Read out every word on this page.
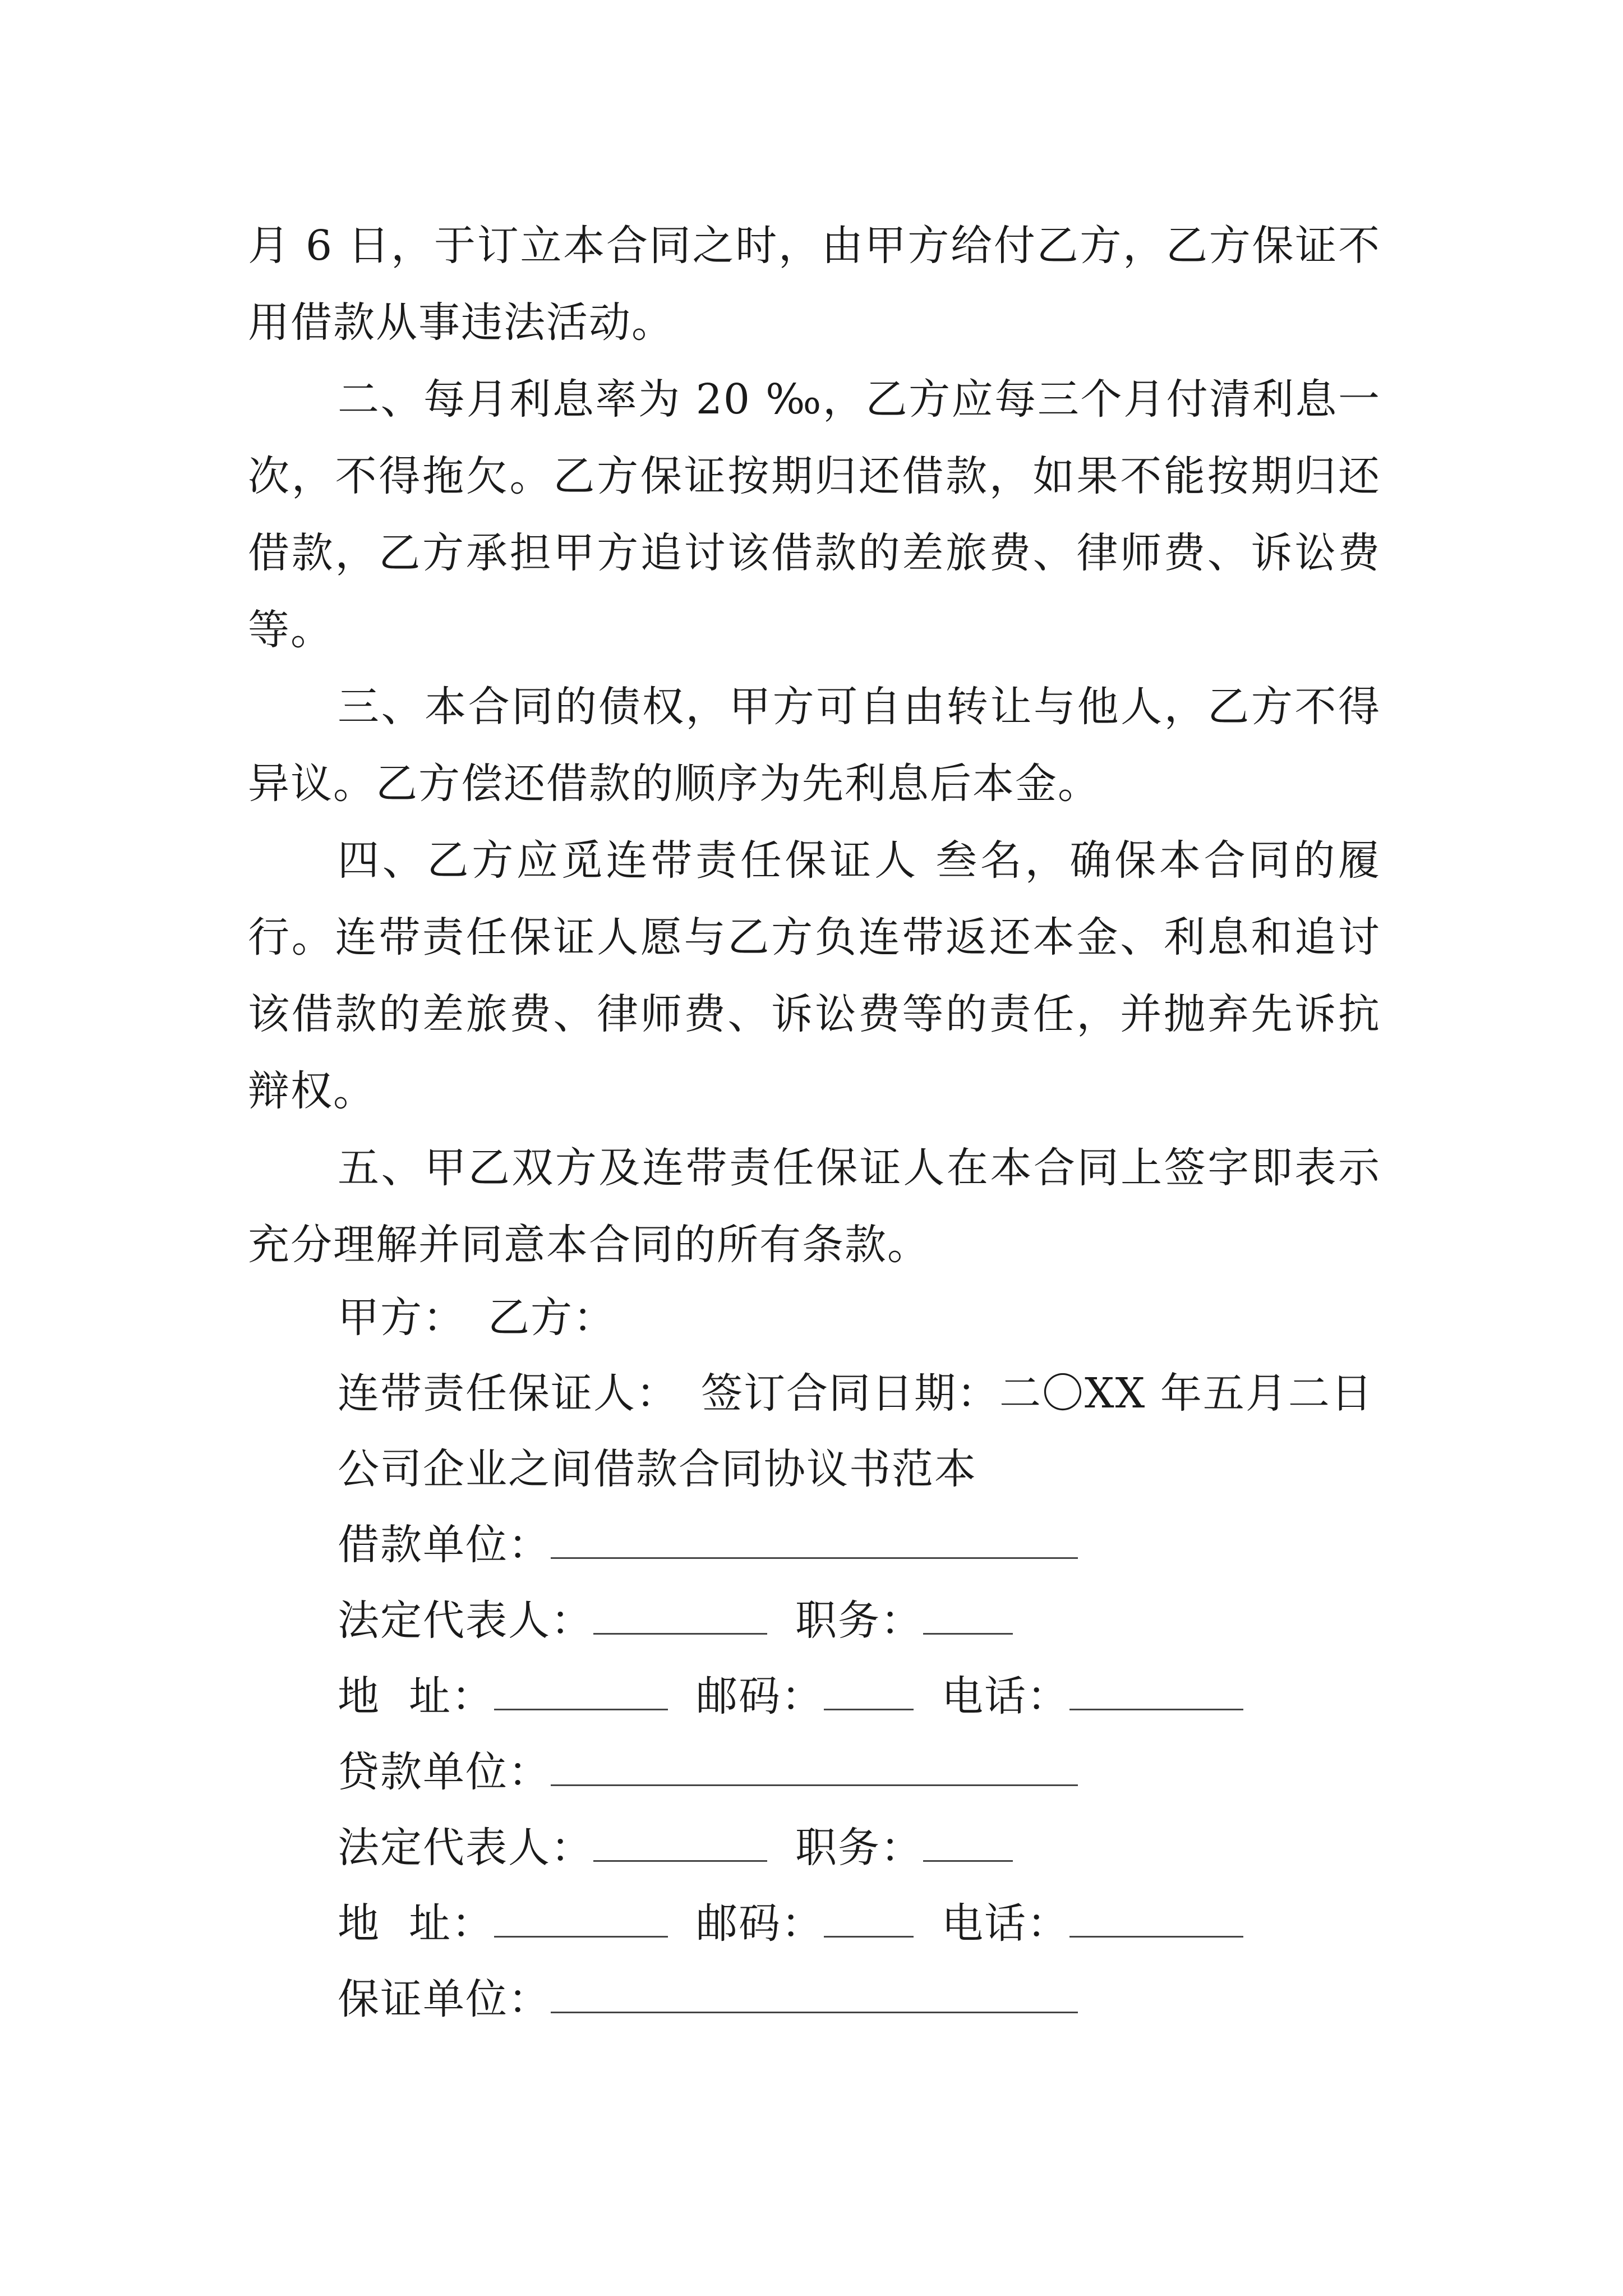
月 6 日，于订立本合同之时，由甲方给付乙方，乙方保证不
用借款从事违法活动。
二、每月利息率为 20 ‰，乙方应每三个月付清利息一
次，不得拖欠。乙方保证按期归还借款，如果不能按期归还
借款，乙方承担甲方追讨该借款的差旅费、律师费、诉讼费
等。
三、本合同的债权，甲方可自由转让与他人，乙方不得
异议。乙方偿还借款的顺序为先利息后本金。
四、乙方应觅连带责任保证人 叁名，确保本合同的履
行。连带责任保证人愿与乙方负连带返还本金、利息和追讨
该借款的差旅费、律师费、诉讼费等的责任，并抛弃先诉抗
辩权。
五、甲乙双方及连带责任保证人在本合同上签字即表示
充分理解并同意本合同的所有条款。
甲方： 乙方：
连带责任保证人： 签订合同日期：二〇XX 年五月二日
公司企业之间借款合同协议书范本
借款单位：
法定代表人：	职务：
地  址：	邮码：	电话：
贷款单位：
法定代表人：	职务：
地  址：	邮码：	电话：
保证单位：
